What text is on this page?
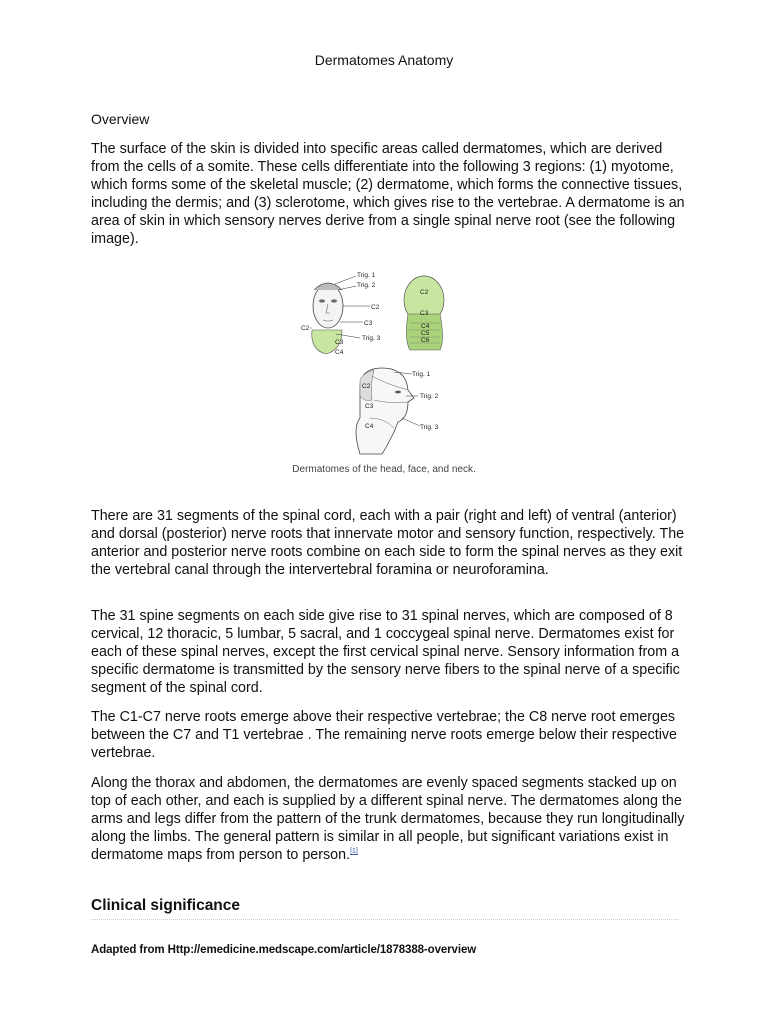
Dermatomes Anatomy
Overview

The surface of the skin is divided into specific areas called dermatomes, which are derived from the cells of a somite. These cells differentiate into the following 3 regions: (1) myotome, which forms some of the skeletal muscle; (2) dermatome, which forms the connective tissues, including the dermis; and (3) sclerotome, which gives rise to the vertebrae. A dermatome is an area of skin in which sensory nerves derive from a single spinal nerve root (see the following image).

Trig. 1
Trig. 2
C2
C3
C2
Trig. 3
C3
C4
C2
C3
C4
C5
C6
Trig. 1
Trig. 2
Trig. 3
C2
C3
C4
Dermatomes of the head, face, and neck.

There are 31 segments of the spinal cord, each with a pair (right and left) of ventral (anterior) and dorsal (posterior) nerve roots that innervate motor and sensory function, respectively. The anterior and posterior nerve roots combine on each side to form the spinal nerves as they exit the vertebral canal through the intervertebral foramina or neuroforamina.

The 31 spine segments on each side give rise to 31 spinal nerves, which are composed of 8 cervical, 12 thoracic, 5 lumbar, 5 sacral, and 1 coccygeal spinal nerve. Dermatomes exist for each of these spinal nerves, except the first cervical spinal nerve. Sensory information from a specific dermatome is transmitted by the sensory nerve fibers to the spinal nerve of a specific segment of the spinal cord.

The C1-C7 nerve roots emerge above their respective vertebrae; the C8 nerve root emerges between the C7 and T1 vertebrae . The remaining nerve roots emerge below their respective vertebrae.

Along the thorax and abdomen, the dermatomes are evenly spaced segments stacked up on top of each other, and each is supplied by a different spinal nerve. The dermatomes along the arms and legs differ from the pattern of the trunk dermatomes, because they run longitudinally along the limbs. The general pattern is similar in all people, but significant variations exist in dermatome maps from person to person.[1]

Clinical significance
Adapted from Http://emedicine.medscape.com/article/1878388-overview
